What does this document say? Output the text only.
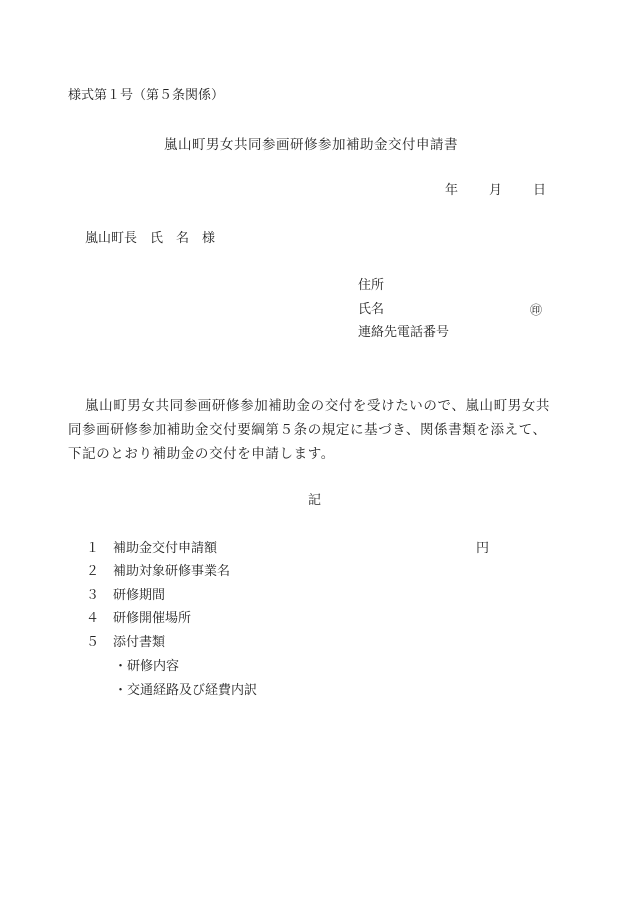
様式第１号（第５条関係）
嵐山町男女共同参画研修参加補助金交付申請書
年 月 日
嵐山町長　氏　名　様
住所
氏名	㊞
連絡先電話番号
嵐山町男女共同参画研修参加補助金の交付を受けたいので、嵐山町男女共
同参画研修参加補助金交付要綱第５条の規定に基づき、関係書類を添えて、
下記のとおり補助金の交付を申請します。
記
１ 補助金交付申請額	円
２ 補助対象研修事業名
３ 研修期間
４ 研修開催場所
５ 添付書類
・研修内容
・交通経路及び経費内訳
